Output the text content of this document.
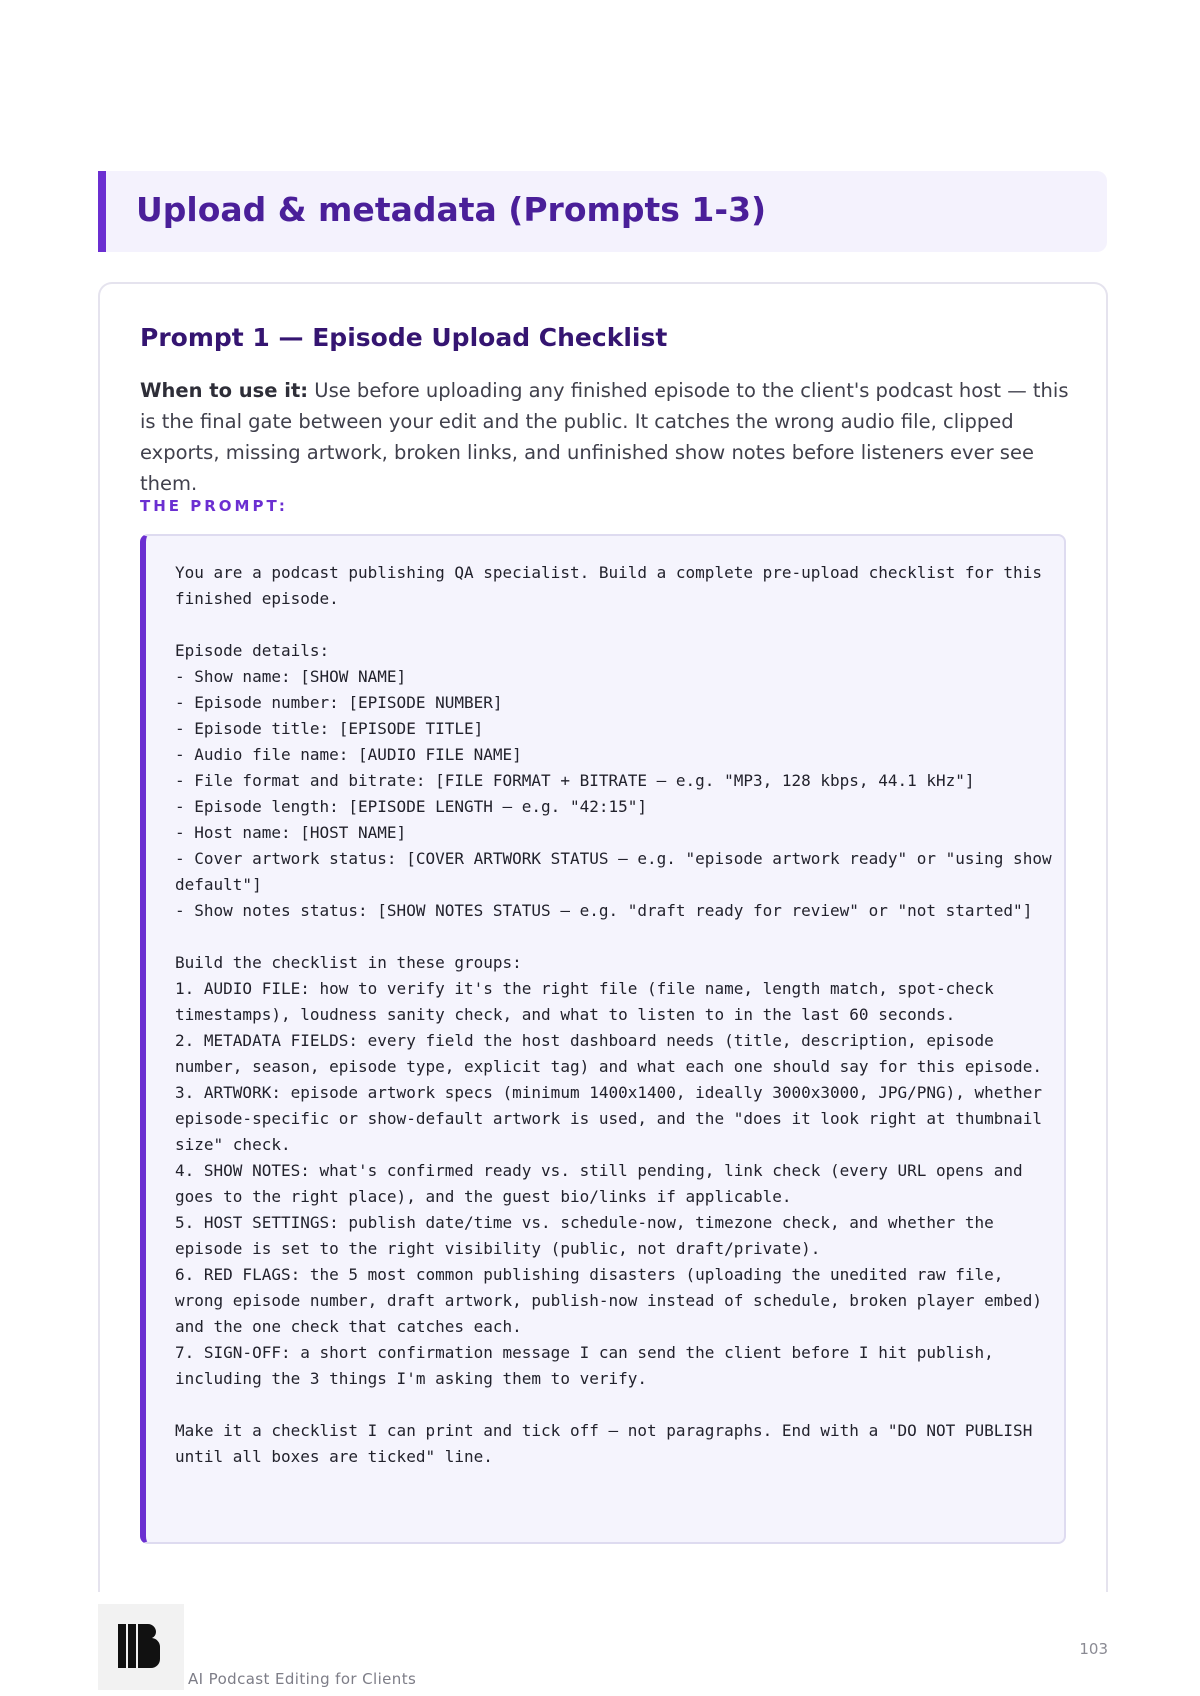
Upload & metadata (Prompts 1-3)
Prompt 1 — Episode Upload Checklist

When to use it: Use before uploading any finished episode to the client's podcast host — this is the final gate between your edit and the public. It catches the wrong audio file, clipped exports, missing artwork, broken links, and unfinished show notes before listeners ever see them.

THE PROMPT:
You are a podcast publishing QA specialist. Build a complete pre-upload checklist for this finished episode.

Episode details:
- Show name: [SHOW NAME]
- Episode number: [EPISODE NUMBER]
- Episode title: [EPISODE TITLE]
- Audio file name: [AUDIO FILE NAME]
- File format and bitrate: [FILE FORMAT + BITRATE — e.g. "MP3, 128 kbps, 44.1 kHz"]
- Episode length: [EPISODE LENGTH — e.g. "42:15"]
- Host name: [HOST NAME]
- Cover artwork status: [COVER ARTWORK STATUS — e.g. "episode artwork ready" or "using show default"]
- Show notes status: [SHOW NOTES STATUS — e.g. "draft ready for review" or "not started"]

Build the checklist in these groups:
1. AUDIO FILE: how to verify it's the right file (file name, length match, spot-check timestamps), loudness sanity check, and what to listen to in the last 60 seconds.
2. METADATA FIELDS: every field the host dashboard needs (title, description, episode number, season, episode type, explicit tag) and what each one should say for this episode.
3. ARTWORK: episode artwork specs (minimum 1400x1400, ideally 3000x3000, JPG/PNG), whether episode-specific or show-default artwork is used, and the "does it look right at thumbnail size" check.
4. SHOW NOTES: what's confirmed ready vs. still pending, link check (every URL opens and goes to the right place), and the guest bio/links if applicable.
5. HOST SETTINGS: publish date/time vs. schedule-now, timezone check, and whether the episode is set to the right visibility (public, not draft/private).
6. RED FLAGS: the 5 most common publishing disasters (uploading the unedited raw file, wrong episode number, draft artwork, publish-now instead of schedule, broken player embed) and the one check that catches each.
7. SIGN-OFF: a short confirmation message I can send the client before I hit publish, including the 3 things I'm asking them to verify.

Make it a checklist I can print and tick off — not paragraphs. End with a "DO NOT PUBLISH until all boxes are ticked" line.
AI Podcast Editing for Clients
103
